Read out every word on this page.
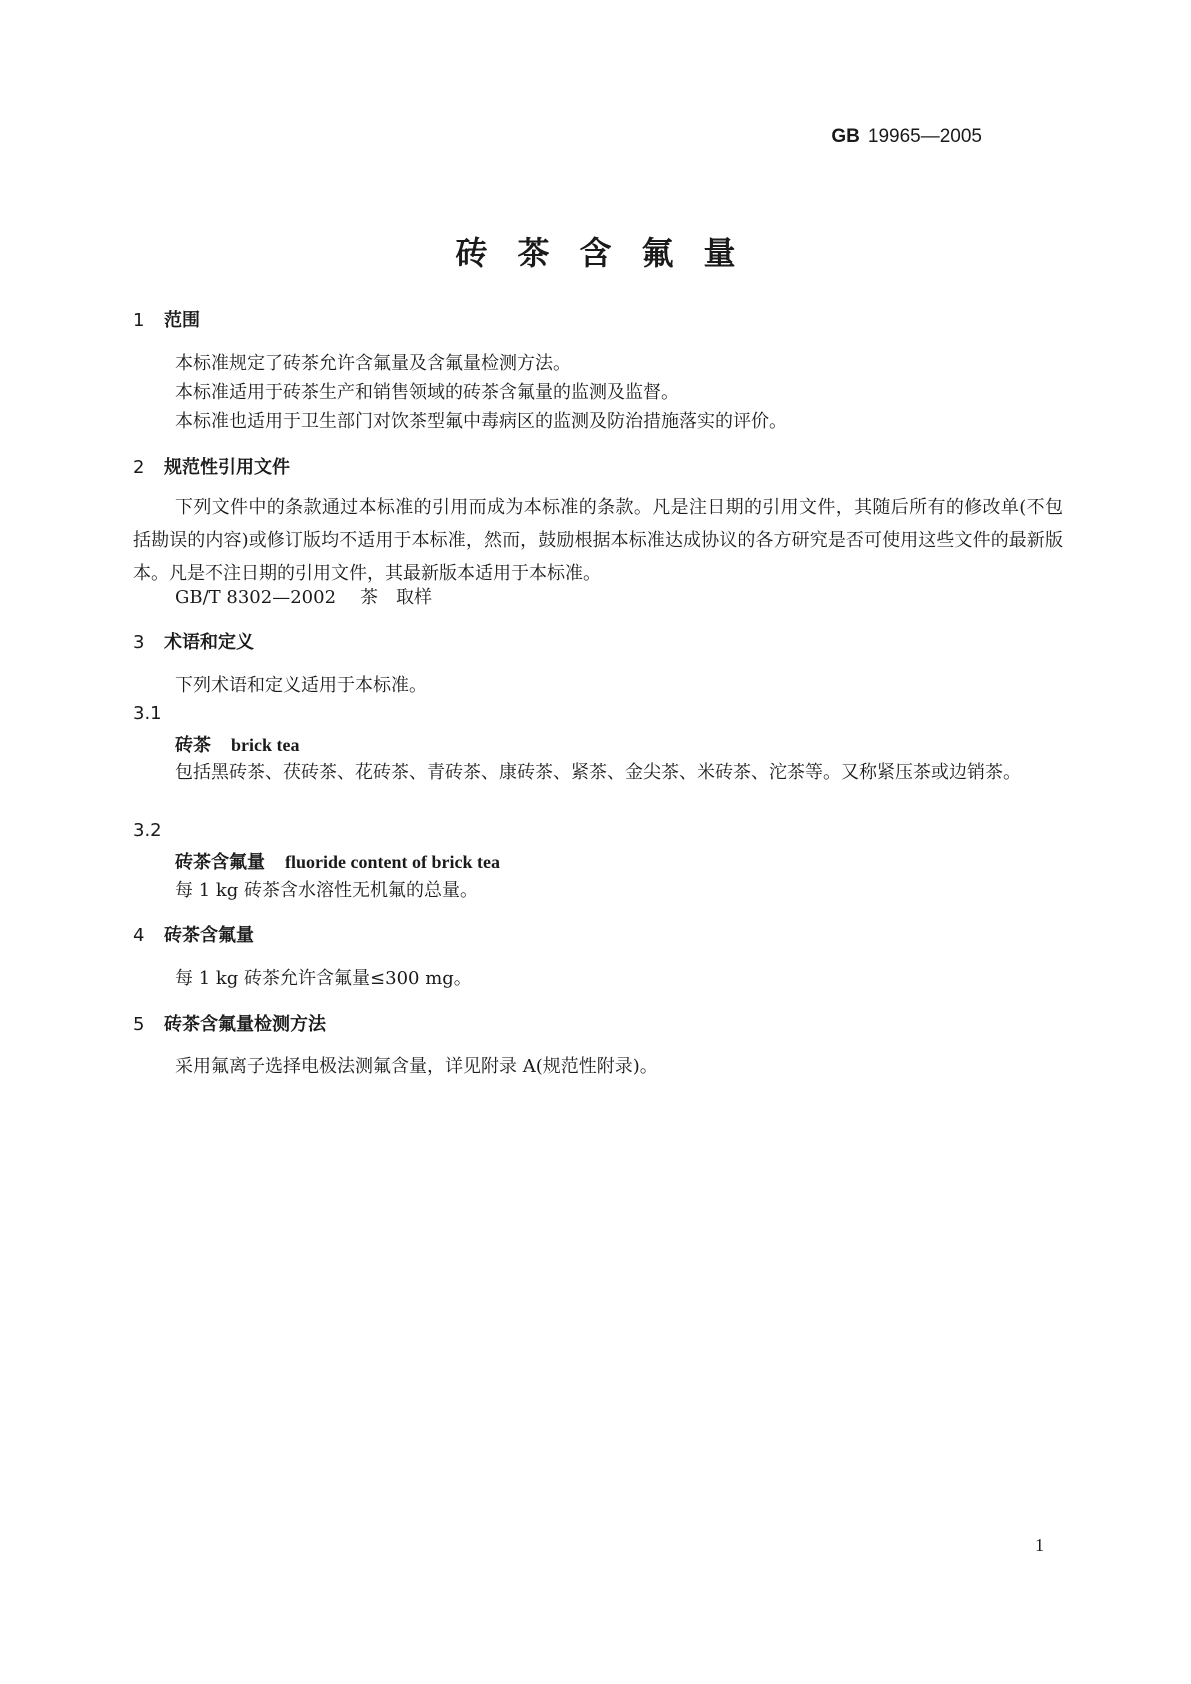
GB 19965—2005
砖茶含氟量
1 范围
本标准规定了砖茶允许含氟量及含氟量检测方法。
本标准适用于砖茶生产和销售领域的砖茶含氟量的监测及监督。
本标准也适用于卫生部门对饮茶型氟中毒病区的监测及防治措施落实的评价。
2 规范性引用文件
下列文件中的条款通过本标准的引用而成为本标准的条款。凡是注日期的引用文件，其随后所有的修改单(不包括勘误的内容)或修订版均不适用于本标准，然而，鼓励根据本标准达成协议的各方研究是否可使用这些文件的最新版本。凡是不注日期的引用文件，其最新版本适用于本标准。
GB/T 8302—2002 茶 取样
3 术语和定义
下列术语和定义适用于本标准。
3.1
砖茶 brick tea
包括黑砖茶、茯砖茶、花砖茶、青砖茶、康砖茶、紧茶、金尖茶、米砖茶、沱茶等。又称紧压茶或边销茶。
3.2
砖茶含氟量 fluoride content of brick tea
每 1 kg 砖茶含水溶性无机氟的总量。
4 砖茶含氟量
每 1 kg 砖茶允许含氟量≤300 mg。
5 砖茶含氟量检测方法
采用氟离子选择电极法测氟含量，详见附录 A(规范性附录)。
1
